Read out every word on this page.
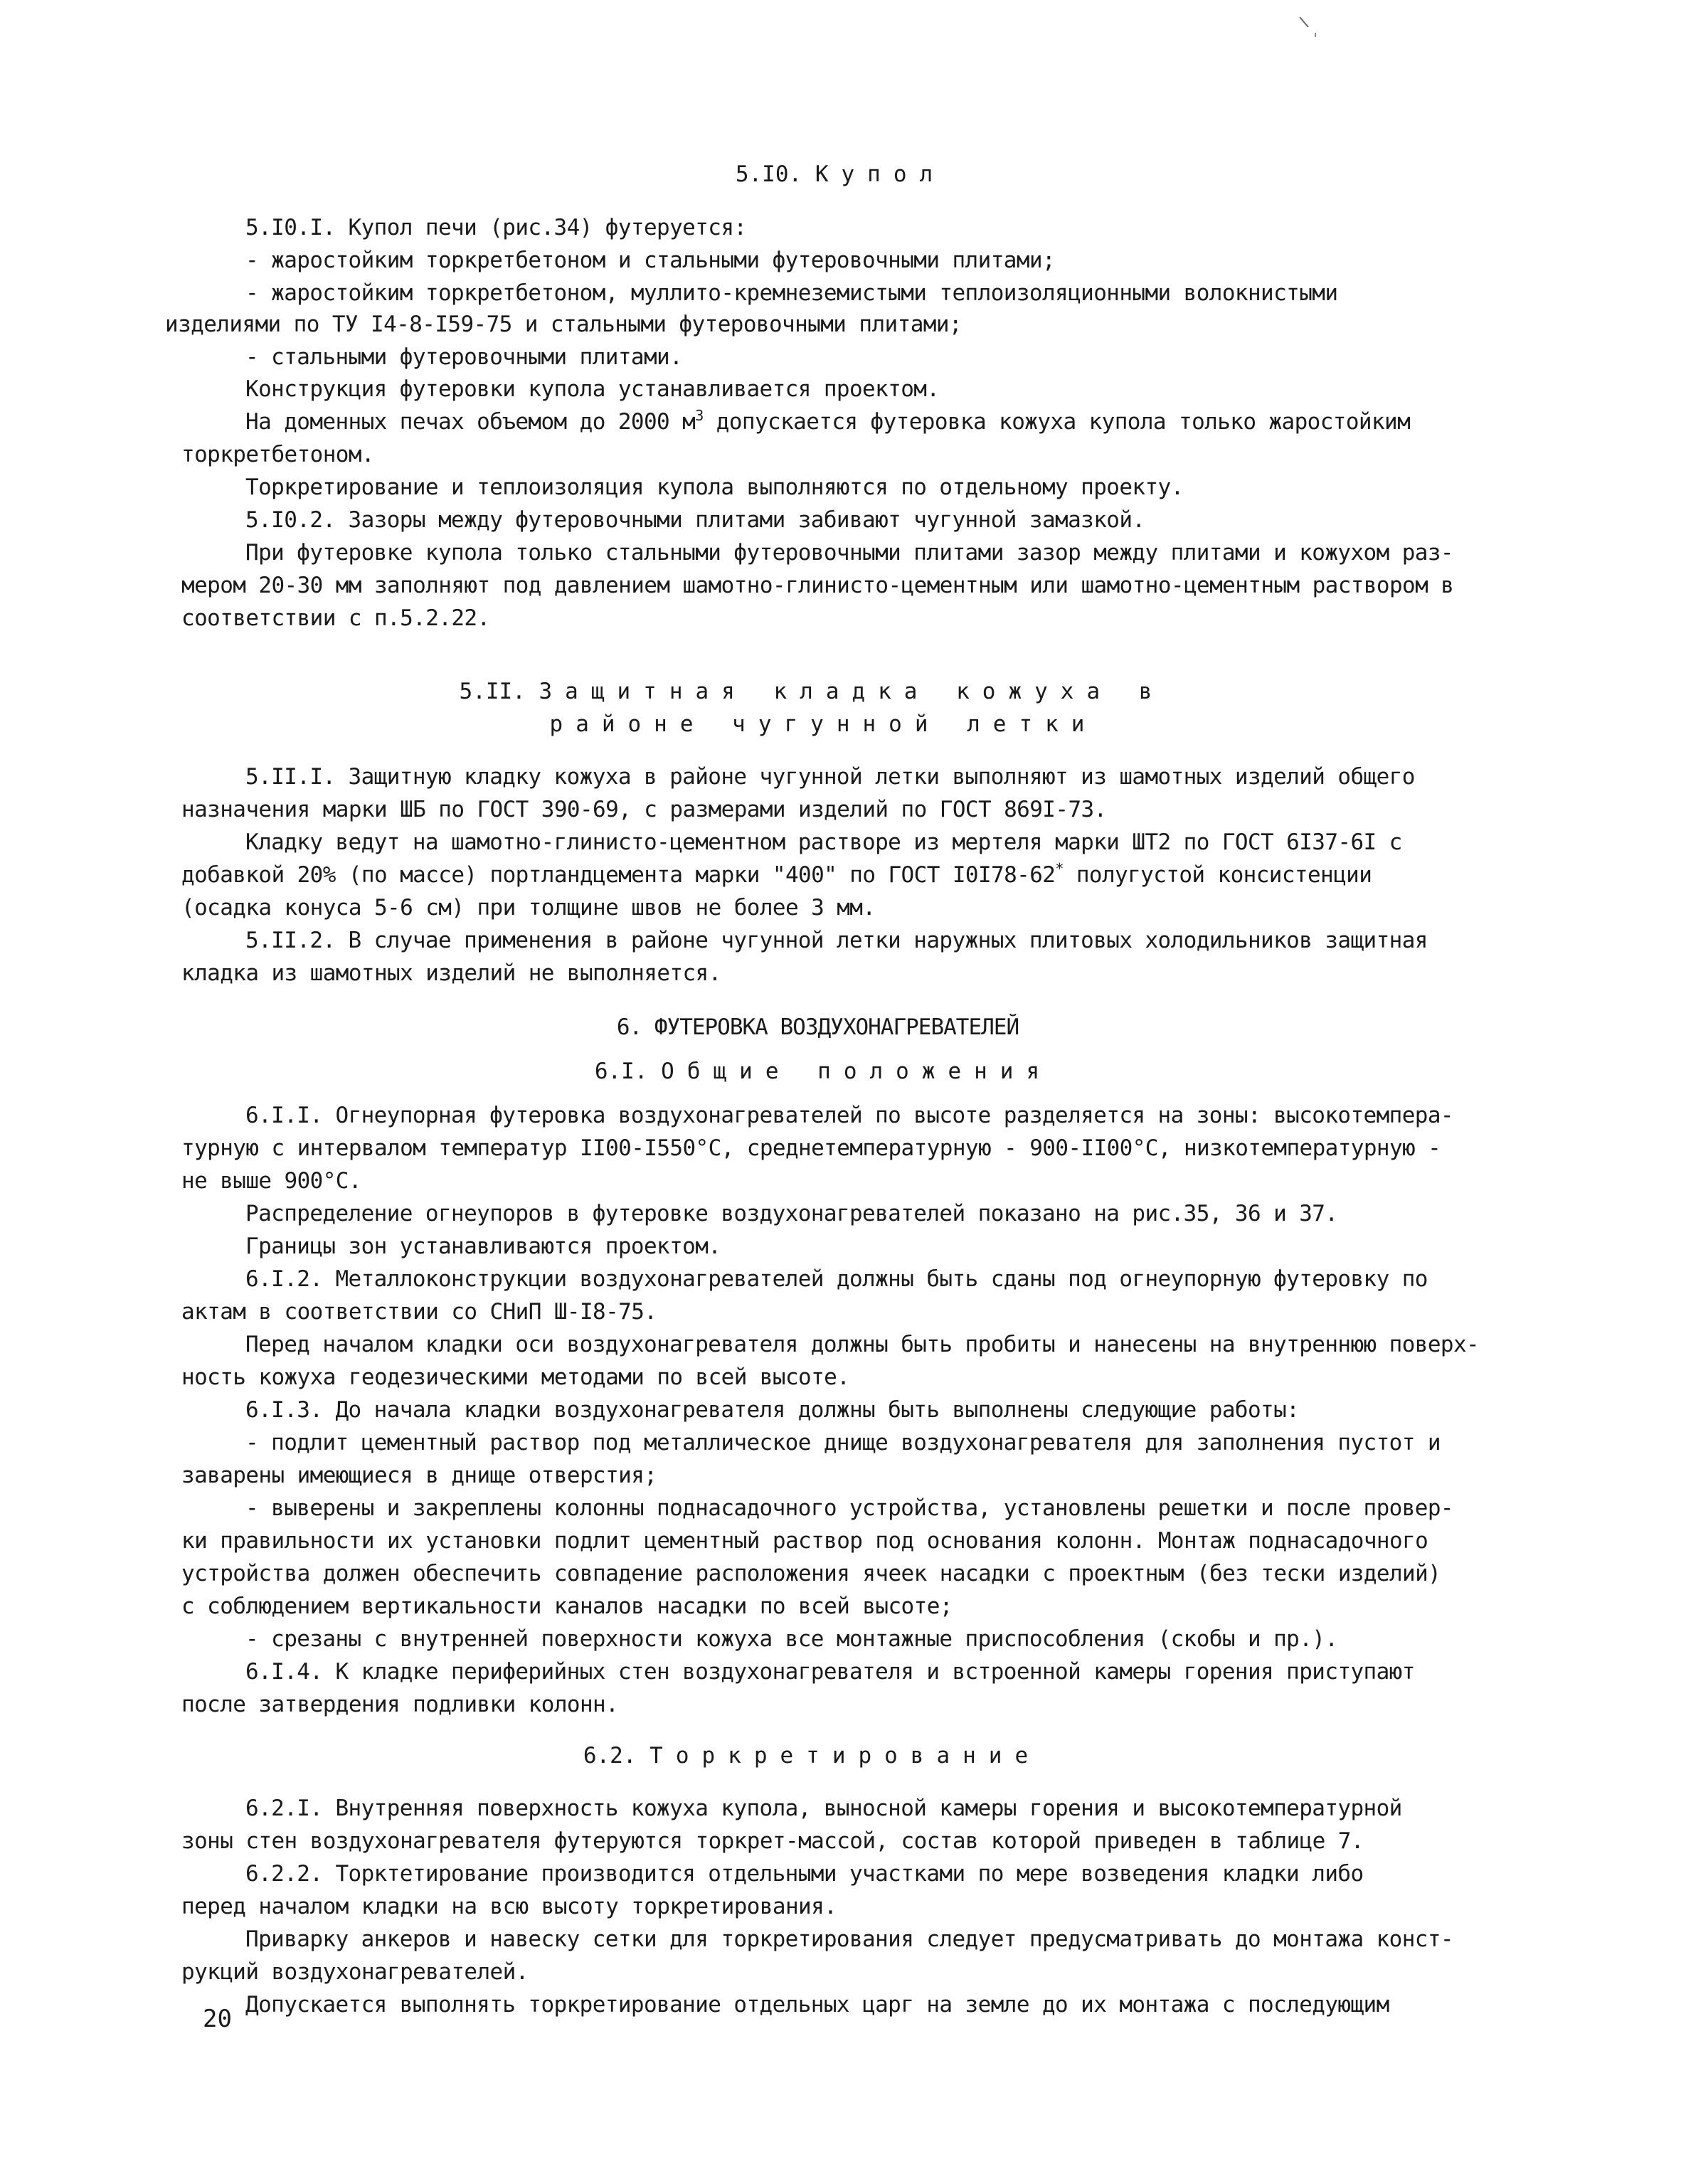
5.I0. Купол
5.I0.I. Купол печи (рис.34) футеруется:
- жаростойким торкретбетоном и стальными футеровочными плитами;
- жаростойким торкретбетоном, муллито-кремнеземистыми теплоизоляционными волокнистыми
изделиями по ТУ I4-8-I59-75 и стальными футеровочными плитами;
- стальными футеровочными плитами.
Конструкция футеровки купола устанавливается проектом.
На доменных печах объемом до 2000 $м^3$ допускается футеровка кожуха купола только жаростойким
торкретбетоном.
Торкретирование и теплоизоляция купола выполняются по отдельному проекту.
5.I0.2. Зазоры между футеровочными плитами забивают чугунной замазкой.
При футеровке купола только стальными футеровочными плитами зазор между плитами и кожухом раз-
мером 20-30 мм заполняют под давлением шамотно-глинисто-цементным или шамотно-цементным раствором в
соответствии с п.5.2.22.
5.II. Защитная кладка кожуха в
районе чугунной летки
5.II.I. Защитную кладку кожуха в районе чугунной летки выполняют из шамотных изделий общего
назначения марки ШБ по ГОСТ 390-69, с размерами изделий по ГОСТ 869I-73.
Кладку ведут на шамотно-глинисто-цементном растворе из мертеля марки ШТ2 по ГОСТ 6I37-6I с
добавкой 20% (по массе) портландцемента марки "400" по ГОСТ I0I78-62* полугустой консистенции
(осадка конуса 5-6 см) при толщине швов не более 3 мм.
5.II.2. В случае применения в районе чугунной летки наружных плитовых холодильников защитная
кладка из шамотных изделий не выполняется.
6. ФУТЕРОВКА ВОЗДУХОНАГРЕВАТЕЛЕЙ
6.I. Общие положения
6.I.I. Огнеупорная футеровка воздухонагревателей по высоте разделяется на зоны: высокотемпера-
турную с интервалом температур II00-I550°С, среднетемпературную - 900-II00°С, низкотемпературную -
не выше 900°С.
Распределение огнеупоров в футеровке воздухонагревателей показано на рис.35, 36 и 37.
Границы зон устанавливаются проектом.
6.I.2. Металлоконструкции воздухонагревателей должны быть сданы под огнеупорную футеровку по
актам в соответствии со СНиП Ш-I8-75.
Перед началом кладки оси воздухонагревателя должны быть пробиты и нанесены на внутреннюю поверх-
ность кожуха геодезическими методами по всей высоте.
6.I.3. До начала кладки воздухонагревателя должны быть выполнены следующие работы:
- подлит цементный раствор под металлическое днище воздухонагревателя для заполнения пустот и
заварены имеющиеся в днище отверстия;
- выверены и закреплены колонны поднасадочного устройства, установлены решетки и после провер-
ки правильности их установки подлит цементный раствор под основания колонн. Монтаж поднасадочного
устройства должен обеспечить совпадение расположения ячеек насадки с проектным (без тески изделий)
с соблюдением вертикальности каналов насадки по всей высоте;
- срезаны с внутренней поверхности кожуха все монтажные приспособления (скобы и пр.).
6.I.4. К кладке периферийных стен воздухонагревателя и встроенной камеры горения приступают
после затвердения подливки колонн.
6.2. Торкретирование
6.2.I. Внутренняя поверхность кожуха купола, выносной камеры горения и высокотемпературной
зоны стен воздухонагревателя футеруются торкрет-массой, состав которой приведен в таблице 7.
6.2.2. Торктетирование производится отдельными участками по мере возведения кладки либо
перед началом кладки на всю высоту торкретирования.
Приварку анкеров и навеску сетки для торкретирования следует предусматривать до монтажа конст-
рукций воздухонагревателей.
Допускается выполнять торкретирование отдельных царг на земле до их монтажа с последующим
20
